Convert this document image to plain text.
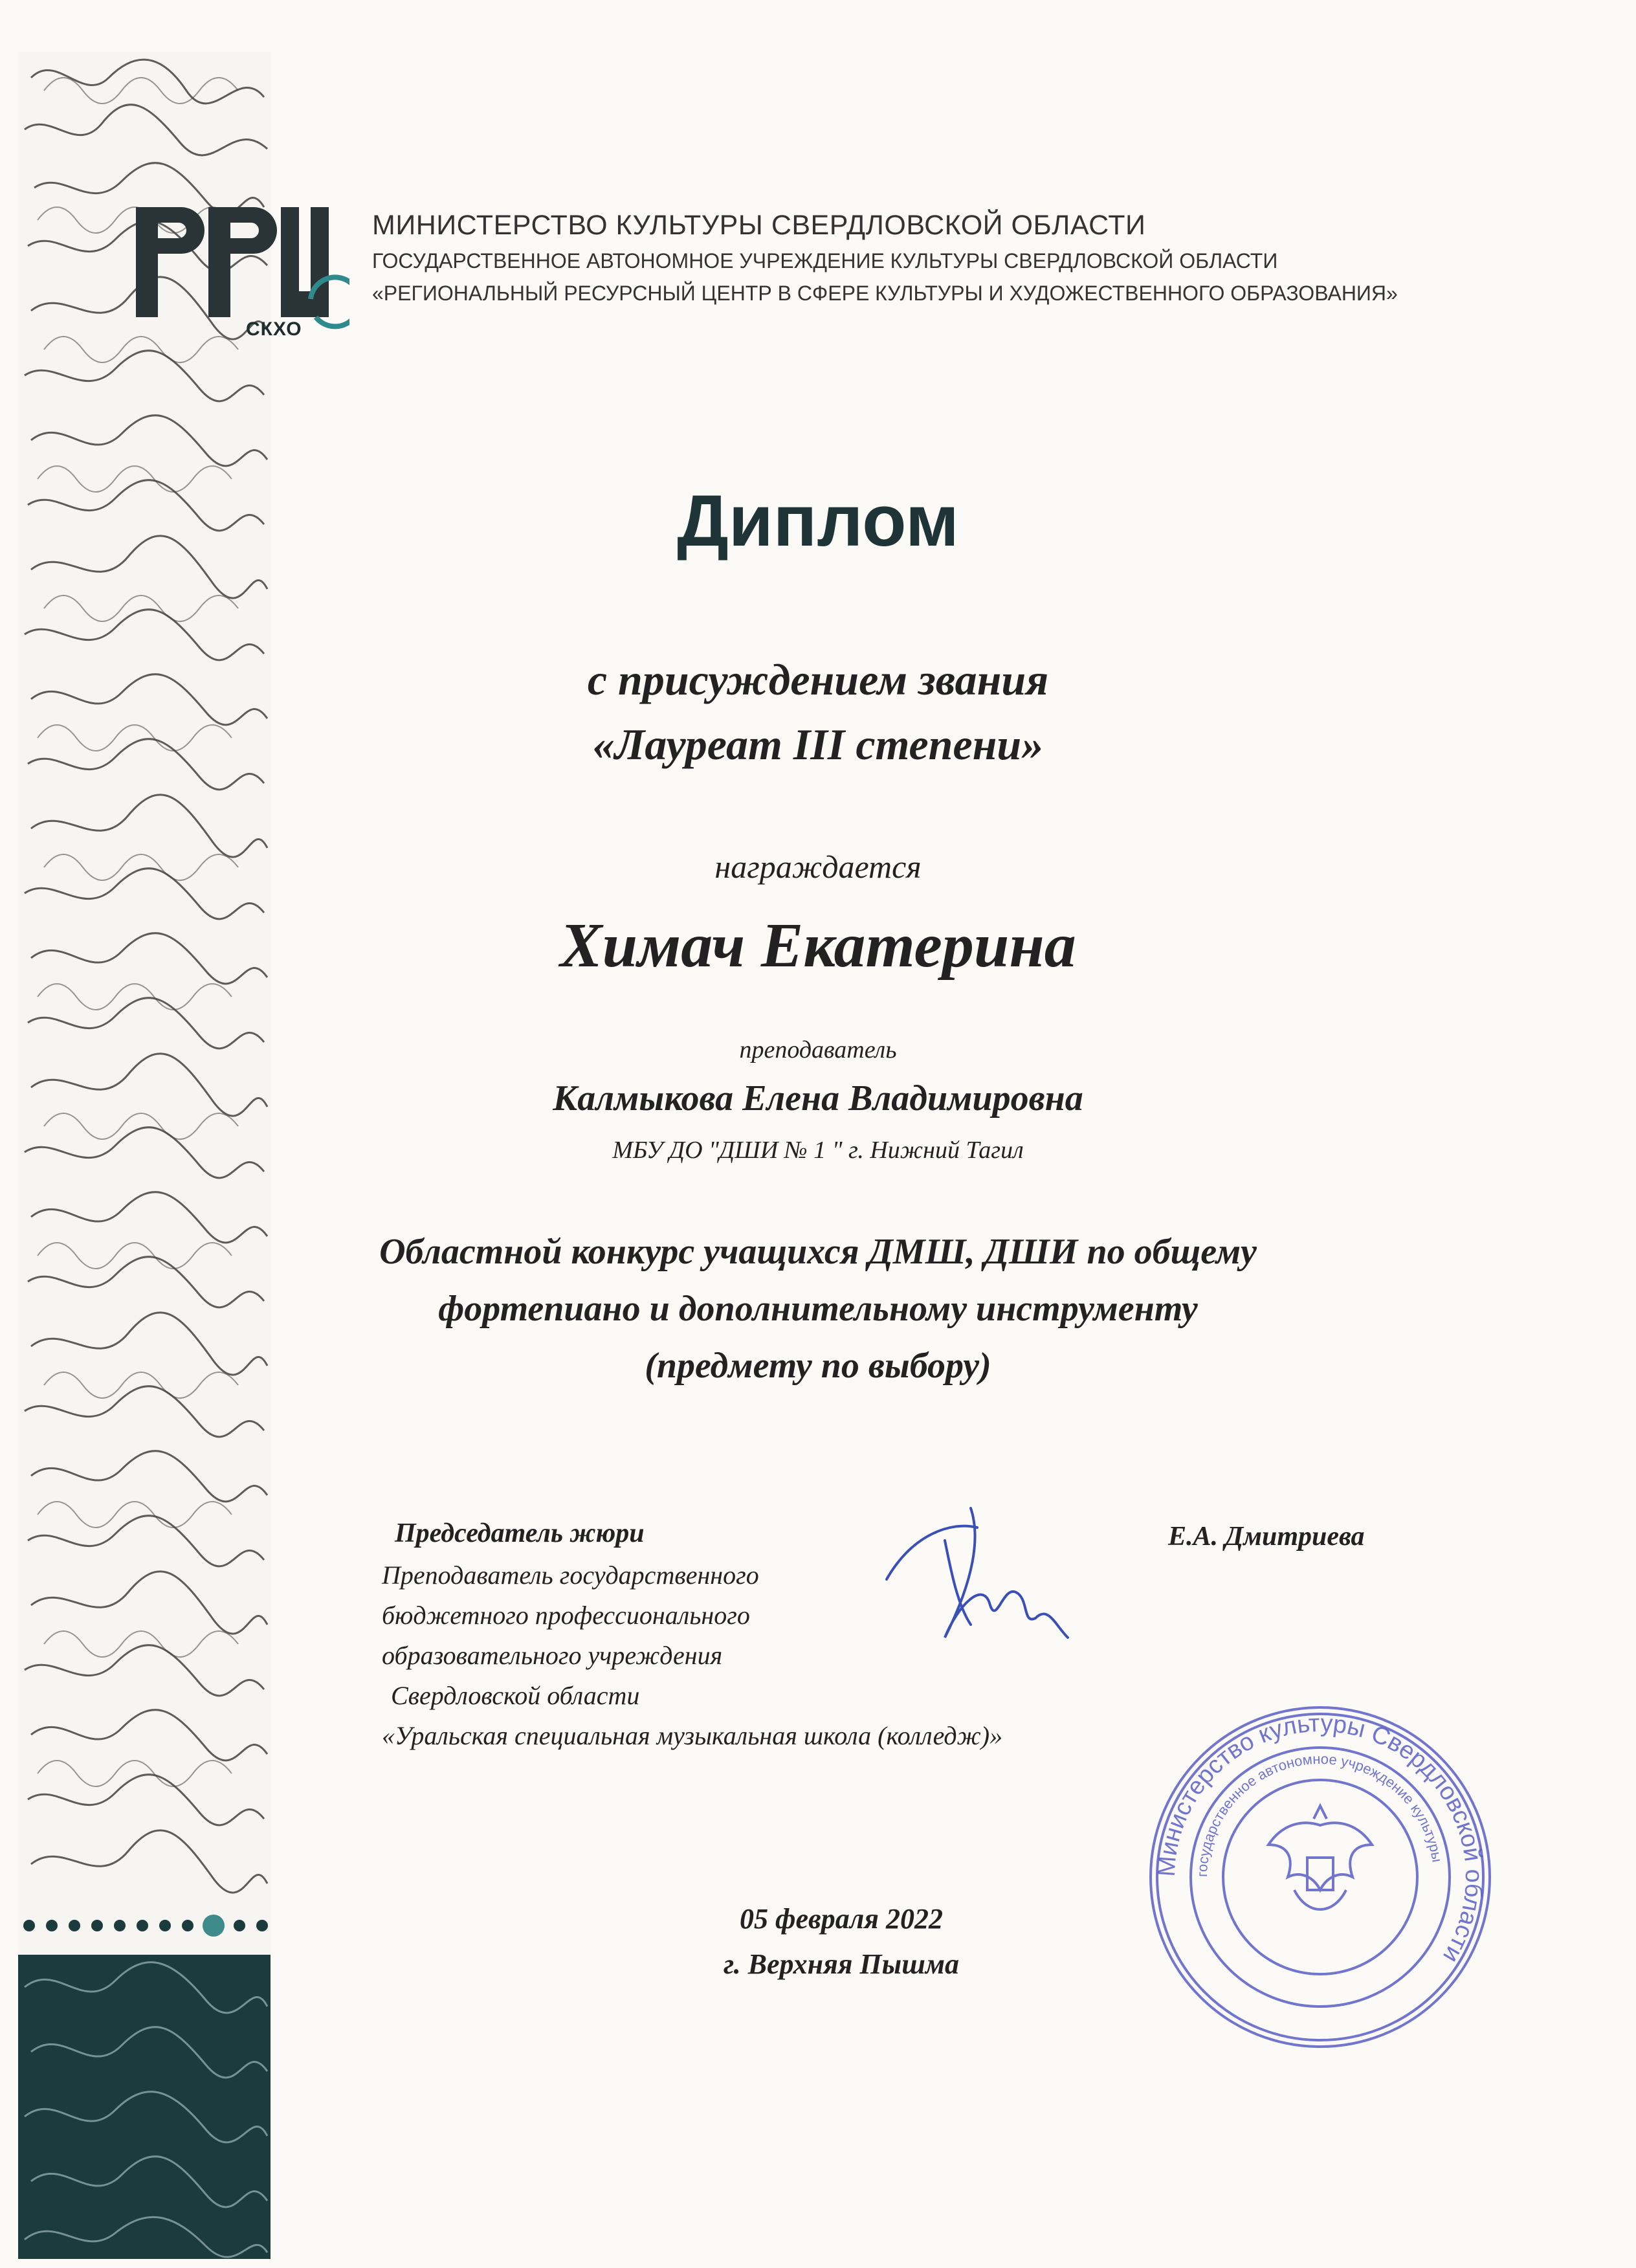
СКХО
МИНИСТЕРСТВО КУЛЬТУРЫ СВЕРДЛОВСКОЙ ОБЛАСТИ
ГОСУДАРСТВЕННОЕ АВТОНОМНОЕ УЧРЕЖДЕНИЕ КУЛЬТУРЫ СВЕРДЛОВСКОЙ ОБЛАСТИ
«РЕГИОНАЛЬНЫЙ РЕСУРСНЫЙ ЦЕНТР В СФЕРЕ КУЛЬТУРЫ И ХУДОЖЕСТВЕННОГО ОБРАЗОВАНИЯ»
Диплом
с присуждением звания
«Лауреат III степени»
награждается
Химач Екатерина
преподаватель
Калмыкова Елена Владимировна
МБУ ДО "ДШИ № 1 " г. Нижний Тагил
Областной конкурс учащихся ДМШ, ДШИ по общему
фортепиано и дополнительному инструменту
(предмету по выбору)
Председатель жюри
Преподаватель государственного
бюджетного профессионального
образовательного учреждения
Свердловской области
«Уральская специальная музыкальная школа (колледж)»
Е.А. Дмитриева
05 февраля 2022
г. Верхняя Пышма
Министерство культуры Свердловской области
государственное автономное учреждение культуры
